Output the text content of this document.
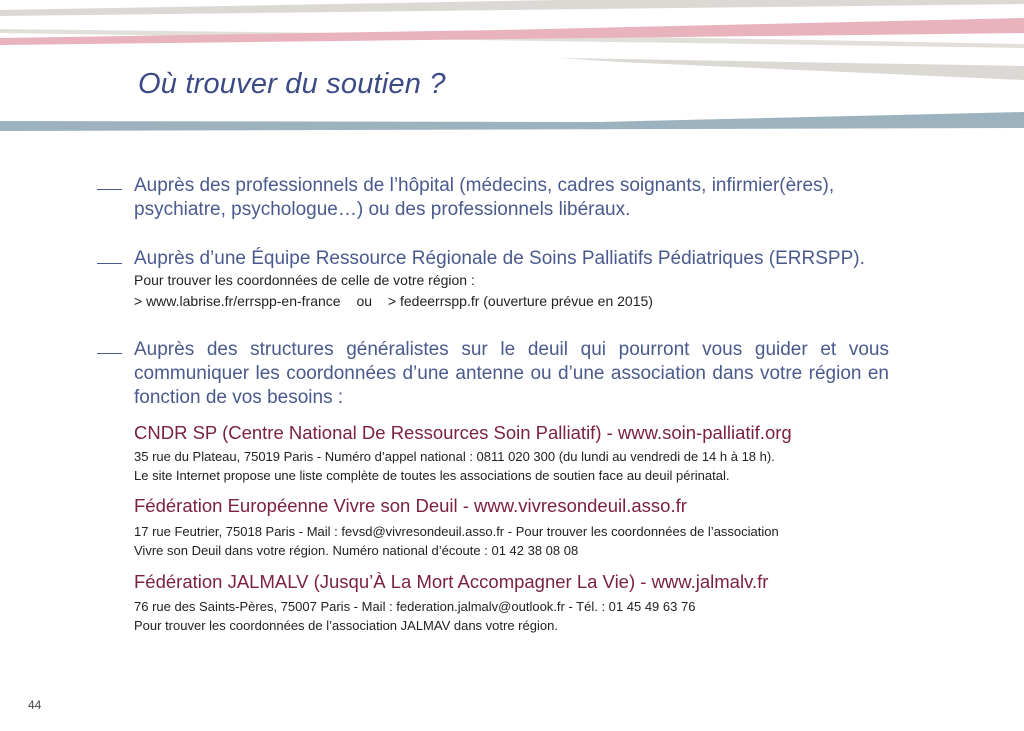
Où trouver du soutien ?

Auprès des professionnels de l’hôpital (médecins, cadres soignants, infirmier(ères), psychiatre, psychologue…) ou des professionnels libéraux.

Auprès d’une Équipe Ressource Régionale de Soins Palliatifs Pédiatriques (ERRSPP).

Pour trouver les coordonnées de celle de votre région :

> www.labrise.fr/errspp-en-france ou > fedeerrspp.fr (ouverture prévue en 2015)

Auprès des structures généralistes sur le deuil qui pourront vous guider et vous communiquer les coordonnées d’une antenne ou d’une association dans votre région en fonction de vos besoins :

CNDR SP (Centre National De Ressources Soin Palliatif) - www.soin-palliatif.org

35 rue du Plateau, 75019 Paris - Numéro d’appel national : 0811 020 300 (du lundi au vendredi de 14 h à 18 h).
Le site Internet propose une liste complète de toutes les associations de soutien face au deuil périnatal.

Fédération Européenne Vivre son Deuil - www.vivresondeuil.asso.fr

17 rue Feutrier, 75018 Paris - Mail : fevsd@vivresondeuil.asso.fr - Pour trouver les coordonnées de l’association
Vivre son Deuil dans votre région. Numéro national d’écoute : 01 42 38 08 08

Fédération JALMALV (Jusqu’À La Mort Accompagner La Vie) - www.jalmalv.fr

76 rue des Saints-Pères, 75007 Paris - Mail : federation.jalmalv@outlook.fr - Tél. : 01 45 49 63 76
Pour trouver les coordonnées de l’association JALMAV dans votre région.
44
